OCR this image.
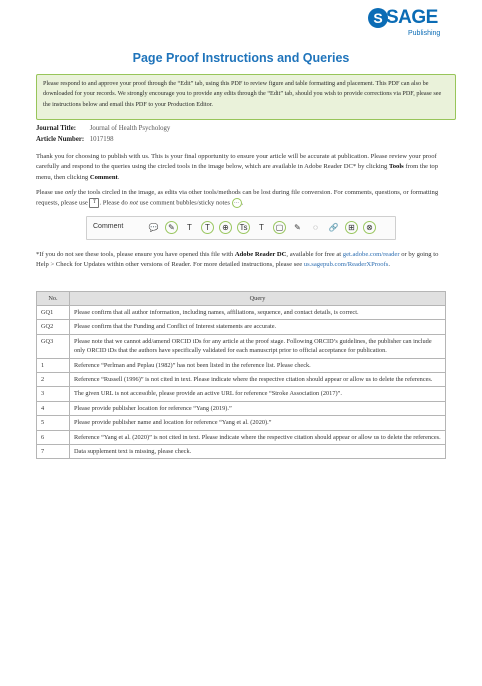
S SAGE
Publishing
Page Proof Instructions and Queries
Please respond to and approve your proof through the “Edit” tab, using this PDF to review figure and table formatting and placement. This PDF can also be downloaded for your records. We strongly encourage you to provide any edits through the “Edit” tab, should you wish to provide corrections via PDF, please see the instructions below and email this PDF to your Production Editor.
Journal Title: Journal of Health Psychology
Article Number: 1017198
Thank you for choosing to publish with us. This is your final opportunity to ensure your article will be accurate at publication. Please review your proof carefully and respond to the queries using the circled tools in the image below, which are available in Adobe Reader DC* by clicking Tools from the top menu, then clicking Comment.
Please use only the tools circled in the image, as edits via other tools/methods can be lost during file conversion. For comments, questions, or formatting requests, please use T . Please do not use comment bubbles/sticky notes … .
Comment	💬	✎	T	T	⊕	Ts	T	▢	✎	◌	🔗	⊞	⊗
*If you do not see these tools, please ensure you have opened this file with Adobe Reader DC, available for free at get.adobe.com/reader or by going to Help > Check for Updates within other versions of Reader. For more detailed instructions, please see us.sagepub.com/ReaderXProofs.
No.	Query
GQ1	Please confirm that all author information, including names, affiliations, sequence, and contact details, is correct.
GQ2	Please confirm that the Funding and Conflict of Interest statements are accurate.
GQ3	Please note that we cannot add/amend ORCID iDs for any article at the proof stage. Following ORCID’s guidelines, the publisher can include only ORCID iDs that the authors have specifically validated for each manuscript prior to official acceptance for publication.
1	Reference “Perlman and Peplau (1982)” has not been listed in the reference list. Please check.
2	Reference “Russell (1996)” is not cited in text. Please indicate where the respective citation should appear or allow us to delete the references.
3	The given URL is not accessible, please provide an active URL for reference “Stroke Association (2017)”.
4	Please provide publisher location for reference “Yang (2019).”
5	Please provide publisher name and location for reference “Yang et al. (2020).”
6	Reference “Yang et al. (2020)” is not cited in text. Please indicate where the respective citation should appear or allow us to delete the references.
7	Data supplement text is missing, please check.
